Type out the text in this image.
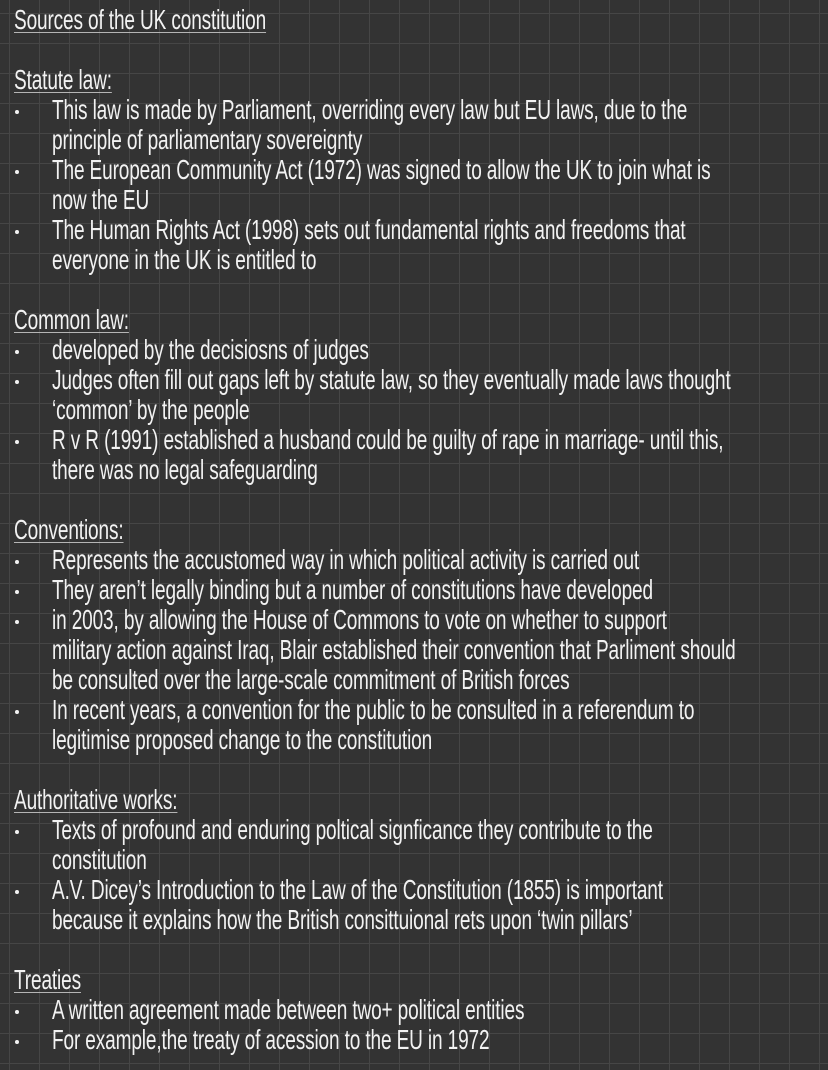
Sources of the UK constitution
Statute law:
This law is made by Parliament, overriding every law but EU laws, due to the
principle of parliamentary sovereignty
The European Community Act (1972) was signed to allow the UK to join what is
now the EU
The Human Rights Act (1998) sets out fundamental rights and freedoms that
everyone in the UK is entitled to
Common law:
developed by the decisiosns of judges
Judges often fill out gaps left by statute law, so they eventually made laws thought
‘common’ by the people
R v R (1991) established a husband could be guilty of rape in marriage- until this,
there was no legal safeguarding
Conventions:
Represents the accustomed way in which political activity is carried out
They aren’t legally binding but a number of constitutions have developed
in 2003, by allowing the House of Commons to vote on whether to support
military action against Iraq, Blair established their convention that Parliment should
be consulted over the large-scale commitment of British forces
In recent years, a convention for the public to be consulted in a referendum to
legitimise proposed change to the constitution
Authoritative works:
Texts of profound and enduring poltical signficance they contribute to the
constitution
A.V. Dicey’s Introduction to the Law of the Constitution (1855) is important
because it explains how the British consittuional rets upon ‘twin pillars’
Treaties
A written agreement made between two+ political entities
For example,the treaty of acession to the EU in 1972
